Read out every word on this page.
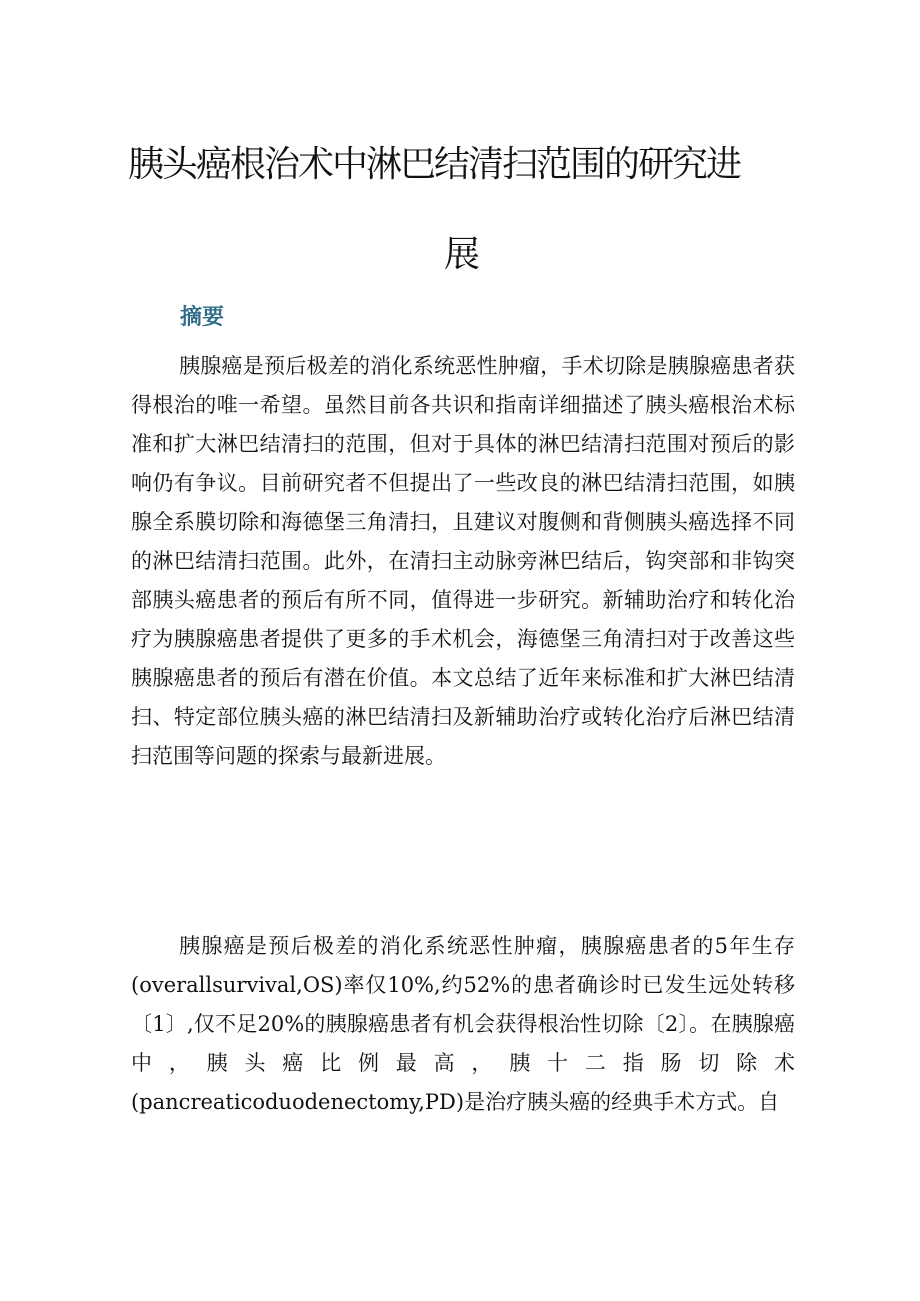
胰头癌根治术中淋巴结清扫范围的研究进
展
摘要

胰腺癌是预后极差的消化系统恶性肿瘤，手术切除是胰腺癌患者获得根治的唯一希望。虽然目前各共识和指南详细描述了胰头癌根治术标准和扩大淋巴结清扫的范围，但对于具体的淋巴结清扫范围对预后的影响仍有争议。目前研究者不但提出了一些改良的淋巴结清扫范围，如胰腺全系膜切除和海德堡三角清扫，且建议对腹侧和背侧胰头癌选择不同的淋巴结清扫范围。此外，在清扫主动脉旁淋巴结后，钩突部和非钩突部胰头癌患者的预后有所不同，值得进一步研究。新辅助治疗和转化治疗为胰腺癌患者提供了更多的手术机会，海德堡三角清扫对于改善这些胰腺癌患者的预后有潜在价值。本文总结了近年来标准和扩大淋巴结清扫、特定部位胰头癌的淋巴结清扫及新辅助治疗或转化治疗后淋巴结清扫范围等问题的探索与最新进展。

胰腺癌是预后极差的消化系统恶性肿瘤，胰腺癌患者的5年生存(overallsurvival,OS)率仅10%,约52%的患者确诊时已发生远处转移〔1〕,仅不足20%的胰腺癌患者有机会获得根治性切除〔2〕。在胰腺癌中，胰头癌比例最高，胰十二指肠切除术(pancreaticoduodenectomy,PD)是治疗胰头癌的经典手术方式。自
